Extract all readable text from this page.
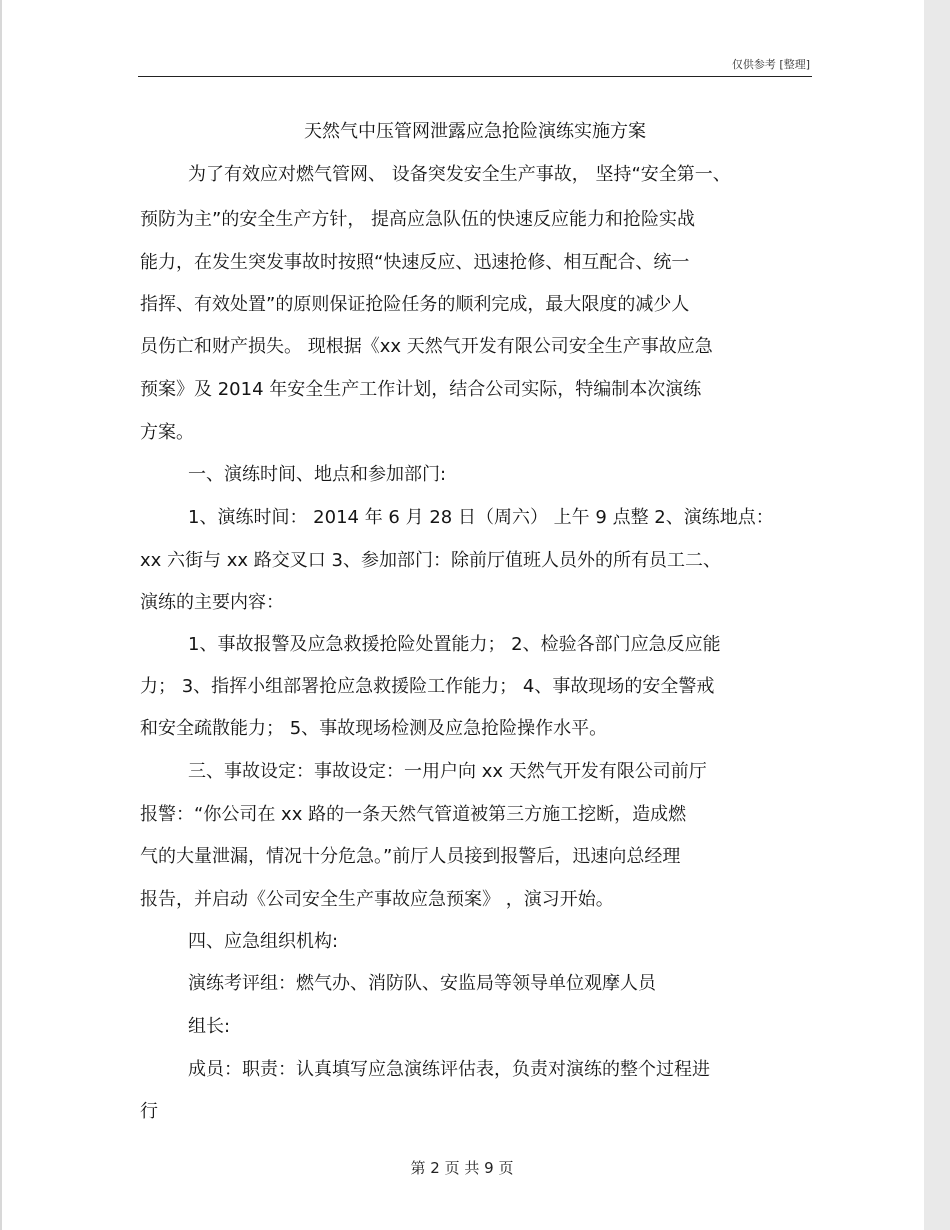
仅供参考 [整理]
天然气中压管网泄露应急抢险演练实施方案
为了有效应对燃气管网、 设备突发安全生产事故， 坚持“安全第一、
预防为主”的安全生产方针， 提高应急队伍的快速反应能力和抢险实战
能力，在发生突发事故时按照“快速反应、迅速抢修、相互配合、统一
指挥、有效处置”的原则保证抢险任务的顺利完成，最大限度的减少人
员伤亡和财产损失。 现根据《xx 天然气开发有限公司安全生产事故应急
预案》及 2014 年安全生产工作计划，结合公司实际，特编制本次演练
方案。
一、演练时间、地点和参加部门:
1、演练时间： 2014 年 6 月 28 日（周六） 上午 9 点整 2、演练地点：
xx 六街与 xx 路交叉口 3、参加部门：除前厅值班人员外的所有员工二、
演练的主要内容：
1、事故报警及应急救援抢险处置能力； 2、检验各部门应急反应能
力； 3、指挥小组部署抢应急救援险工作能力； 4、事故现场的安全警戒
和安全疏散能力； 5、事故现场检测及应急抢险操作水平。
三、事故设定：事故设定：一用户向 xx 天然气开发有限公司前厅
报警：“你公司在 xx 路的一条天然气管道被第三方施工挖断，造成燃
气的大量泄漏，情况十分危急。”前厅人员接到报警后，迅速向总经理
报告，并启动《公司安全生产事故应急预案》 ，演习开始。
四、应急组织机构:
演练考评组：燃气办、消防队、安监局等领导单位观摩人员
组长:
成员：职责：认真填写应急演练评估表，负责对演练的整个过程进
行
第 2 页 共 9 页
